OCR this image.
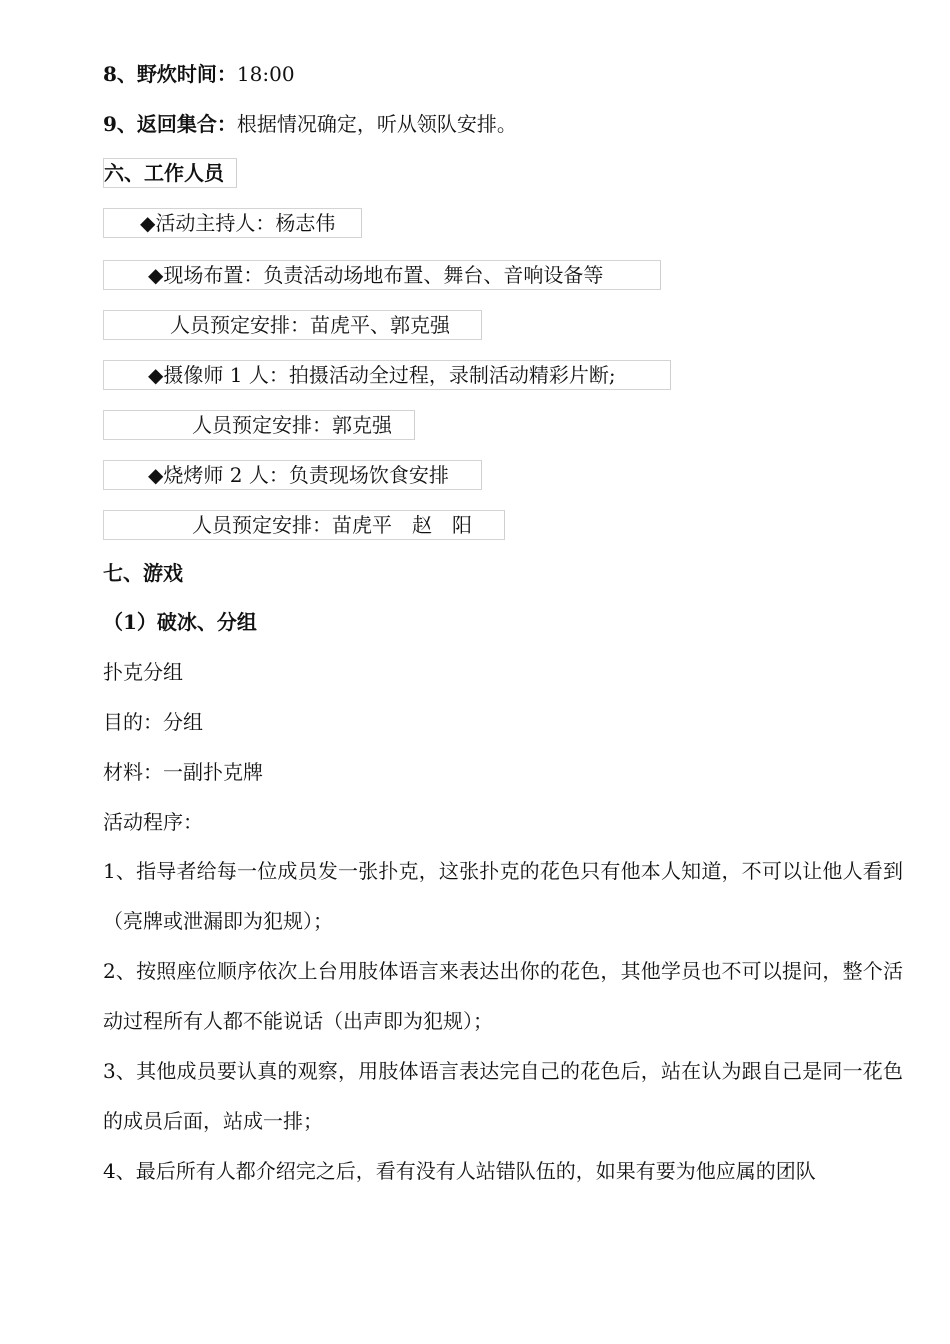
8、野炊时间：18:00
9、返回集合：根据情况确定，听从领队安排。
六、工作人员
◆活动主持人：杨志伟
◆现场布置：负责活动场地布置、舞台、音响设备等
人员预定安排：苗虎平、郭克强
◆摄像师 1 人：拍摄活动全过程，录制活动精彩片断;
人员预定安排：郭克强
◆烧烤师 2 人：负责现场饮食安排
人员预定安排：苗虎平　赵　阳
七、游戏
（1）破冰、分组
扑克分组
目的：分组
材料：一副扑克牌
活动程序：
1、指导者给每一位成员发一张扑克，这张扑克的花色只有他本人知道，不可以让他人看到（亮牌或泄漏即为犯规）；
2、按照座位顺序依次上台用肢体语言来表达出你的花色，其他学员也不可以提问，整个活动过程所有人都不能说话（出声即为犯规）；
3、其他成员要认真的观察，用肢体语言表达完自己的花色后，站在认为跟自己是同一花色的成员后面，站成一排；
4、最后所有人都介绍完之后，看有没有人站错队伍的，如果有要为他应属的团队
